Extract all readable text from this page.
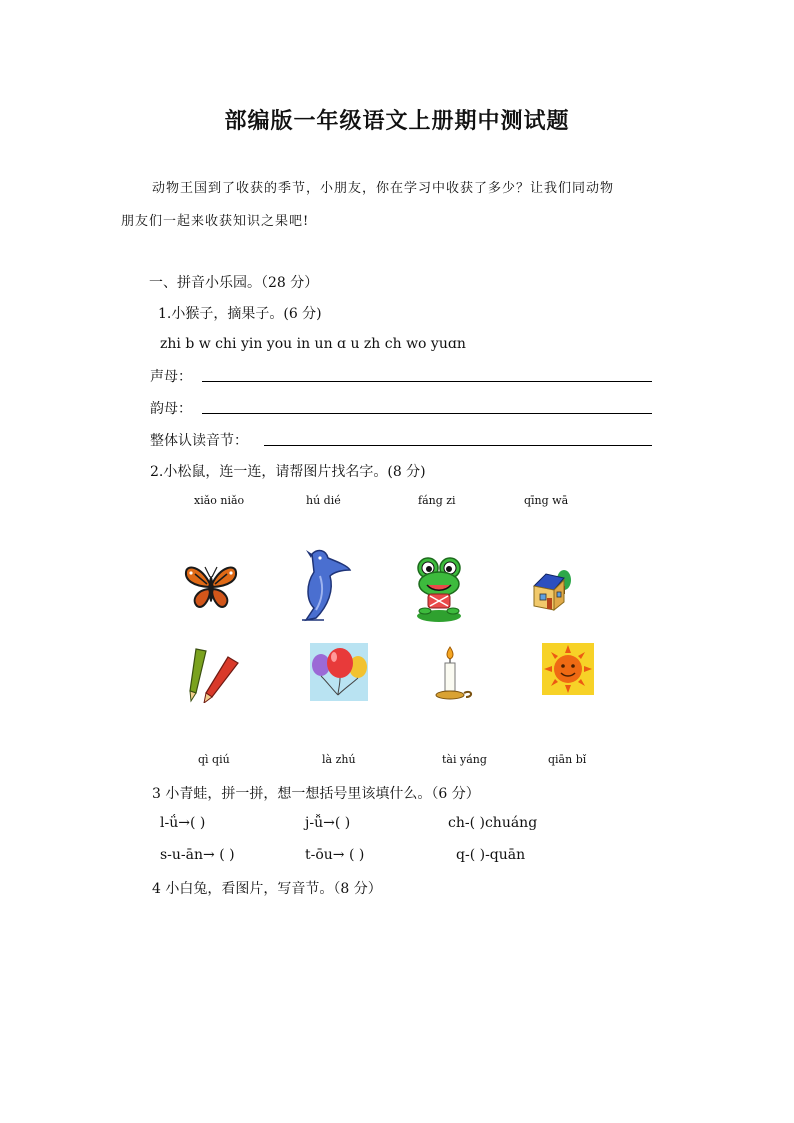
部编版一年级语文上册期中测试题
动物王国到了收获的季节，小朋友，你在学习中收获了多少？让我们同动物
朋友们一起来收获知识之果吧!
一、拼音小乐园。（28 分）
1.小猴子，摘果子。(6 分)
zhi b w chi yin you in un ɑ u zh ch wo yuɑn
声母：
韵母：
整体认读音节：
2.小松鼠，连一连，请帮图片找名字。(8 分)
xiǎo niǎo	hú dié	fáng zi	qīng wā
qì qiú	là zhú	tài yáng	qiān bǐ
3 小青蛙，拼一拼，想一想括号里该填什么。（6 分）
l-ǘ→( )	j-ǚ→( )	ch-( )chuáng
s-u-ān→ ( )	t-ōu→ ( )	q-( )-quān
4 小白兔，看图片，写音节。（8 分）
